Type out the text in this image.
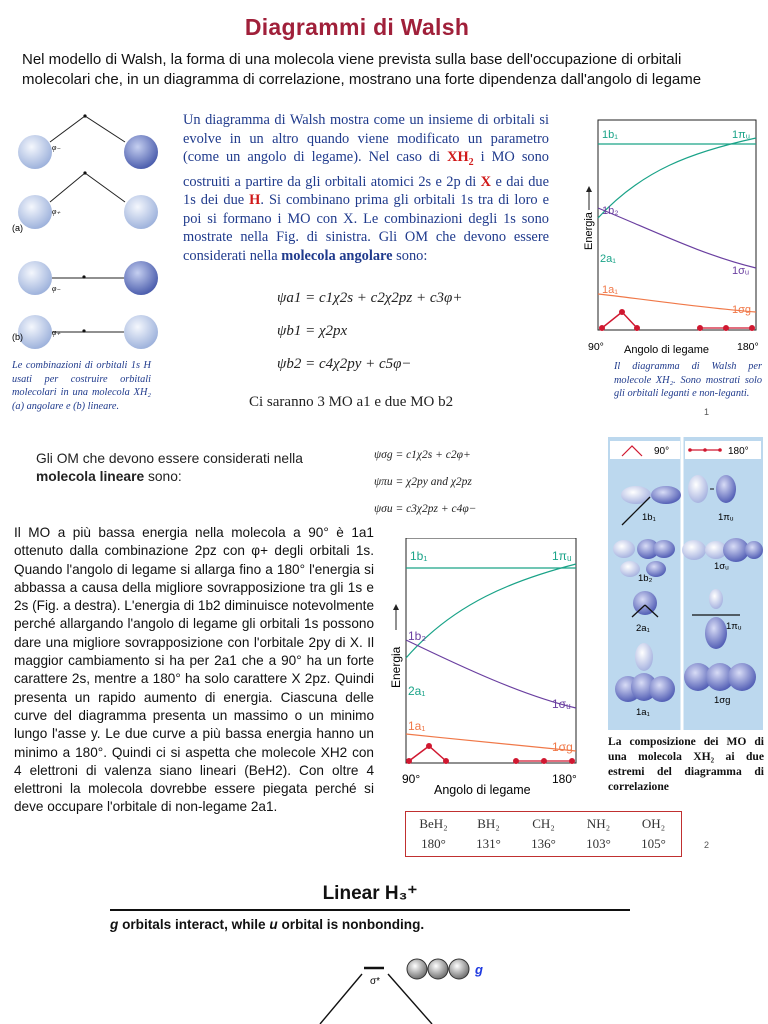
Diagrammi di Walsh
Nel modello di Walsh, la forma di una molecola viene prevista sulla base dell'occupazione di orbitali molecolari che, in un diagramma di correlazione, mostrano una forte dipendenza dall'angolo di legame
φ₋
φ₊
φ₋
φ₊
(a)
(b)
Le combinazioni di orbitali 1s H usati per costruire orbitali molecolari in una molecola XH₂ (a) angolare e (b) lineare.
Un diagramma di Walsh mostra come un insieme di orbitali si evolve in un altro quando viene modificato un parametro (come un angolo di legame). Nel caso di $XH_2$ i MO sono costruiti a partire da gli orbitali atomici 2s e 2p di X e dai due 1s dei due H. Si combinano prima gli orbitali 1s tra di loro e poi si formano i MO con X. Le combinazioni degli 1s sono mostrate nella Fig. di sinistra. Gli OM che devono essere considerati nella molecola angolare sono:
ψa1 = c1χ2s + c2χ2pz + c3φ+
ψb1 = χ2px
ψb2 = c4χ2py + c5φ−
Ci saranno 3 MO a1 e due MO b2
1b₁	1πᵤ
1b₂
2a₁
1σᵤ
1a₁
1σg
90°	180°
Angolo di legame
Energia
Il diagramma di Walsh per molecole XH₂. Sono mostrati solo gli orbitali leganti e non-leganti.
1
Gli OM che devono essere considerati nella molecola lineare sono:
ψσg = c1χ2s + c2φ+
ψπu = χ2py and χ2pz
ψσu = c3χ2pz + c4φ−
Il MO a più bassa energia nella molecola a 90° è 1a1 ottenuto dalla combinazione 2pz con φ+ degli orbitali 1s. Quando l'angolo di legame si allarga fino a 180° l'energia si abbassa a causa della migliore sovrapposizione tra gli 1s e 2s (Fig. a destra). L'energia di 1b2 diminuisce notevolmente perché allargando l'angolo di legame gli orbitali 1s possono dare una migliore sovrapposizione con l'orbitale 2py di X. Il maggior cambiamento si ha per 2a1 che a 90° ha un forte carattere 2s, mentre a 180° ha solo carattere X 2pz. Quindi presenta un rapido aumento di energia. Ciascuna delle curve del diagramma presenta un massimo o un minimo lungo l'asse y. Le due curve a più bassa energia hanno un minimo a 180°. Quindi ci si aspetta che molecole XH2 con 4 elettroni di valenza siano lineari (BeH2). Con oltre 4 elettroni la molecola dovrebbe essere piegata perché si deve occupare l'orbitale di non-legame 2a1.
1b₁	1πᵤ
1b₂
2a₁
1σᵤ
1a₁
1σg
90°	180°
Angolo di legame
Energia
90°	180°
1b₁	1πᵤ
1b₂
1σᵤ
2a₁	1πᵤ
1a₁
1σg
La composizione dei MO di una molecola XH₂ ai due estremi del diagramma di correlazione
BeH₂	BH₂	CH₂	NH₂	OH₂
180°	131°	136°	103°	105°	2
Linear H₃⁺
g orbitals interact, while u orbital is nonbonding.
σ*
g
